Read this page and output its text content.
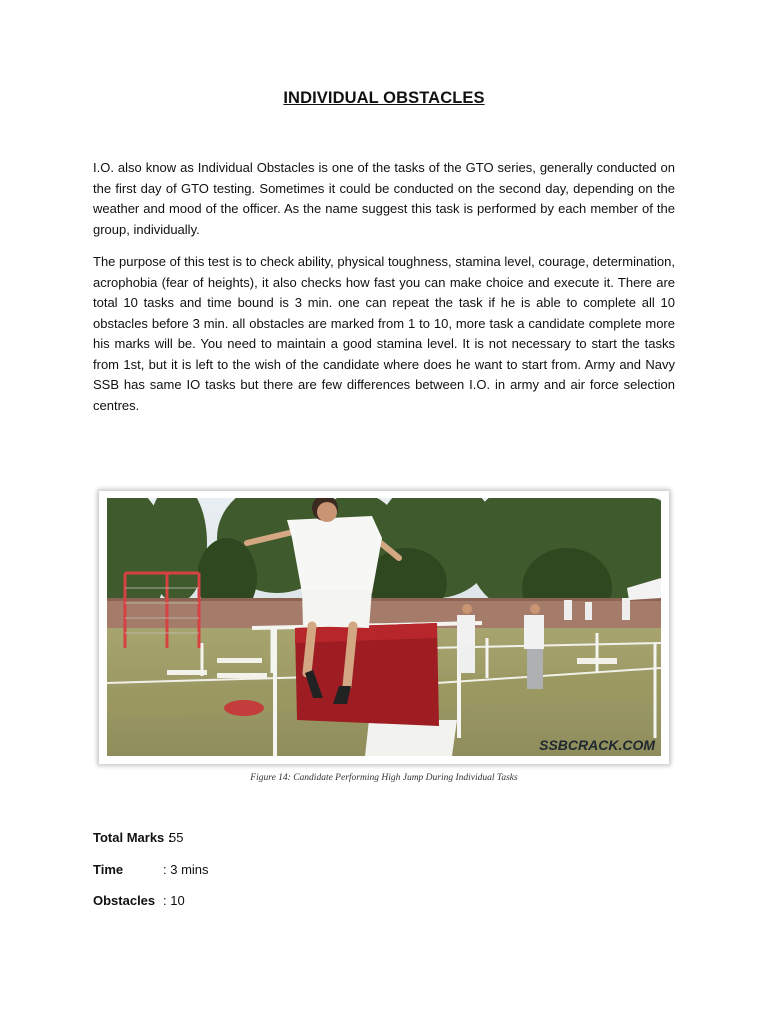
INDIVIDUAL OBSTACLES

I.O. also know as Individual Obstacles is one of the tasks of the GTO series, generally conducted on the first day of GTO testing. Sometimes it could be conducted on the second day, depending on the weather and mood of the officer. As the name suggest this task is performed by each member of the group, individually.

The purpose of this test is to check ability, physical toughness, stamina level, courage, determination, acrophobia (fear of heights), it also checks how fast you can make choice and execute it. There are total 10 tasks and time bound is 3 min. one can repeat the task if he is able to complete all 10 obstacles before 3 min. all obstacles are marked from 1 to 10, more task a candidate complete more his marks will be. You need to maintain a good stamina level. It is not necessary to start the tasks from 1st, but it is left to the wish of the candidate where does he want to start from. Army and Navy SSB has same IO tasks but there are few differences between I.O. in army and air force selection centres.

SSBCRACK.COM

Figure 14: Candidate Performing High Jump During Individual Tasks

Total Marks :55

Time	: 3 mins

Obstacles : 10
